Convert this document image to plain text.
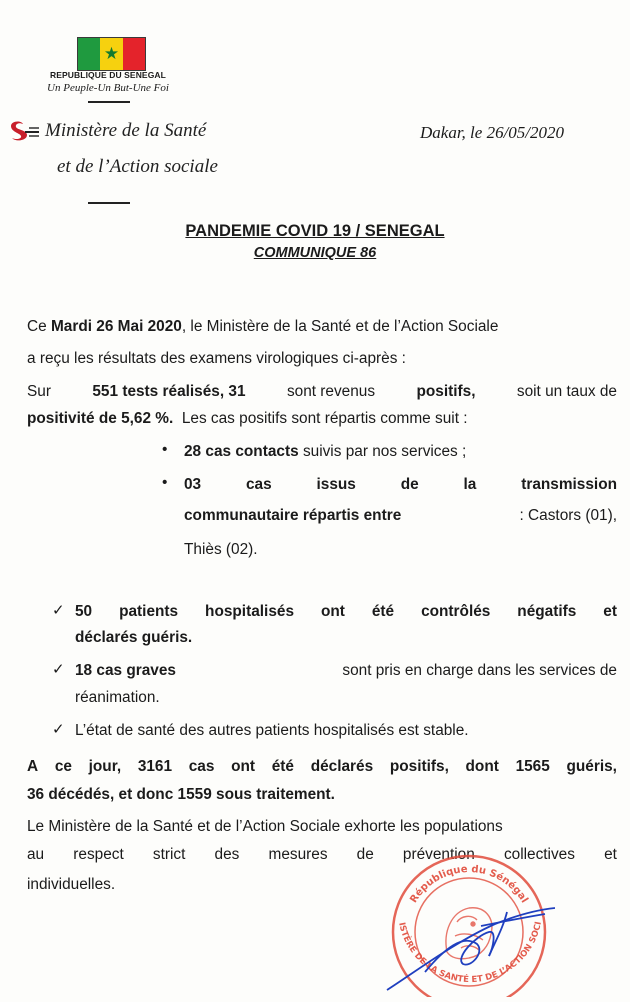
★
REPUBLIQUE DU SENEGAL
Un Peuple-Un But-Une Foi
Ministère de la Santé
et de l’Action sociale
Dakar, le 26/05/2020
PANDEMIE COVID 19 / SENEGAL
COMMUNIQUE 86
Ce Mardi 26 Mai 2020, le Ministère de la Santé et de l’Action Sociale
a reçu les résultats des examens virologiques ci-après :
Sur	551 tests réalisés, 31	sont revenus	positifs,	soit un taux de
positivité de 5,62 %. Les cas positifs sont répartis comme suit :
• 28 cas contacts suivis par nos services ;
• 03	cas	issus	de	la	transmission
communautaire répartis entre	: Castors (01),
Thiès (02).
✓ 50 patients hospitalisés ont été contrôlés négatifs et
déclarés guéris.
✓ 18 cas graves	sont pris en charge dans les services de
réanimation.
✓ L’état de santé des autres patients hospitalisés est stable.
A ce jour, 3161 cas ont été déclarés positifs, dont 1565 guéris,
36 décédés, et donc 1559 sous traitement.
Le Ministère de la Santé et de l’Action Sociale exhorte les populations
au respect strict des mesures de prévention collectives et
individuelles.
République du Sénégal
ISTÈRE DE LA SANTÉ ET DE L’ACTION SOCI
